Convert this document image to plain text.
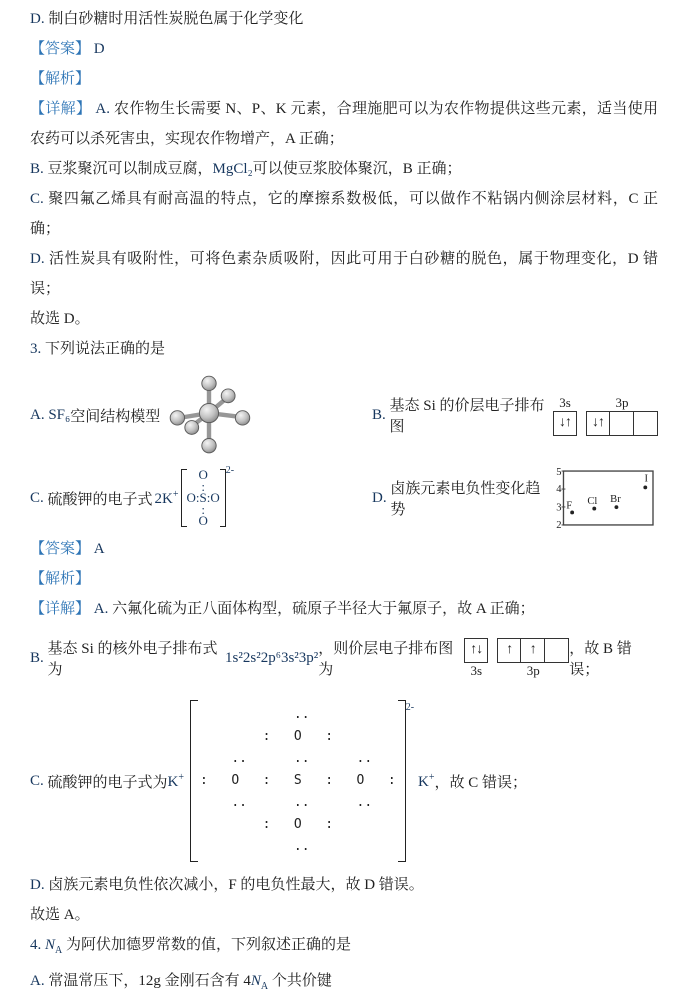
D. 制白砂糖时用活性炭脱色属于化学变化

【答案】 D

【解析】

【详解】 A. 农作物生长需要 N、P、K 元素，合理施肥可以为农作物提供这些元素，适当使用农药可以杀死害虫，实现农作物增产，A 正确；

B. 豆浆聚沉可以制成豆腐，MgCl₂可以使豆浆胶体聚沉，B 正确；

C. 聚四氟乙烯具有耐高温的特点，它的摩擦系数极低，可以做作不粘锅内侧涂层材料，C 正确；

D. 活性炭具有吸附性，可将色素杂质吸附，因此可用于白砂糖的脱色，属于物理变化，D 错误；

故选 D。

3. 下列说法正确的是

A.
SF₆ 空间结构模型	B.

基态 Si 的价层电子排布图
3s
↓↑
3p
↓↑
C.
硫酸钾的电子式 2K+
O
:
O:S:O
:
O
$^{2-}$
D.

卤族元素电负性变化趋势
5
4
3
2
F Cl Br
I

【答案】 A

【解析】

【详解】 A. 六氟化硫为正八面体构型，硫原子半径大于氟原子，故 A 正确；

B.

基态 Si 的核外电子排布式为
1s²2s²2p⁶3s²3p²
，则价层电子排布图为	3s
↑↓
3p
↑	↑	，故 B 错误；
C.
硫酸钾的电子式为 K+
..
:   O   :
..      ..      ..
:   O   :   S   :   O   :
..      ..      ..
:   O   :
..
2-
K+ ，故 C 错误；

D. 卤族元素电负性依次减小，F 的电负性最大，故 D 错误。

故选 A。

4. $N_A$ 为阿伏加德罗常数的值，下列叙述正确的是

A. 常温常压下，12g 金刚石含有 $4N_A$ 个共价键
